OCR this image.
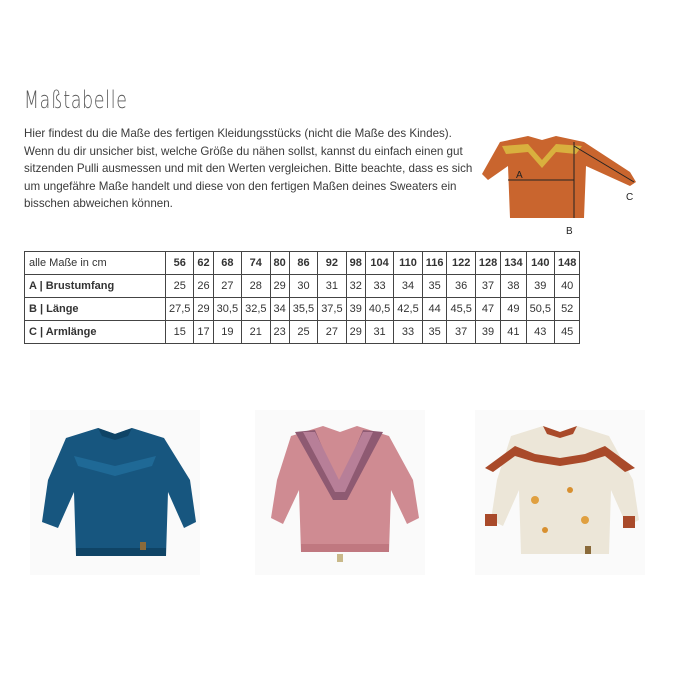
Maßtabelle
Hier findest du die Maße des fertigen Kleidungsstücks (nicht die Maße des Kindes). Wenn du dir unsicher bist, welche Größe du nähen sollst, kannst du einfach einen gut sitzenden Pulli ausmessen und mit den Werten vergleichen. Bitte beachte, dass es sich um ungefähre Maße handelt und diese von den fertigen Maßen deines Sweaters ein bisschen abweichen können.
A
B
C
alle Maße in cm	56	62	68	74	80	86	92	98	104	110	116	122	128	134	140	148
A | Brustumfang	25	26	27	28	29	30	31	32	33	34	35	36	37	38	39	40
B | Länge	27,5	29	30,5	32,5	34	35,5	37,5	39	40,5	42,5	44	45,5	47	49	50,5	52
C | Armlänge	15	17	19	21	23	25	27	29	31	33	35	37	39	41	43	45
